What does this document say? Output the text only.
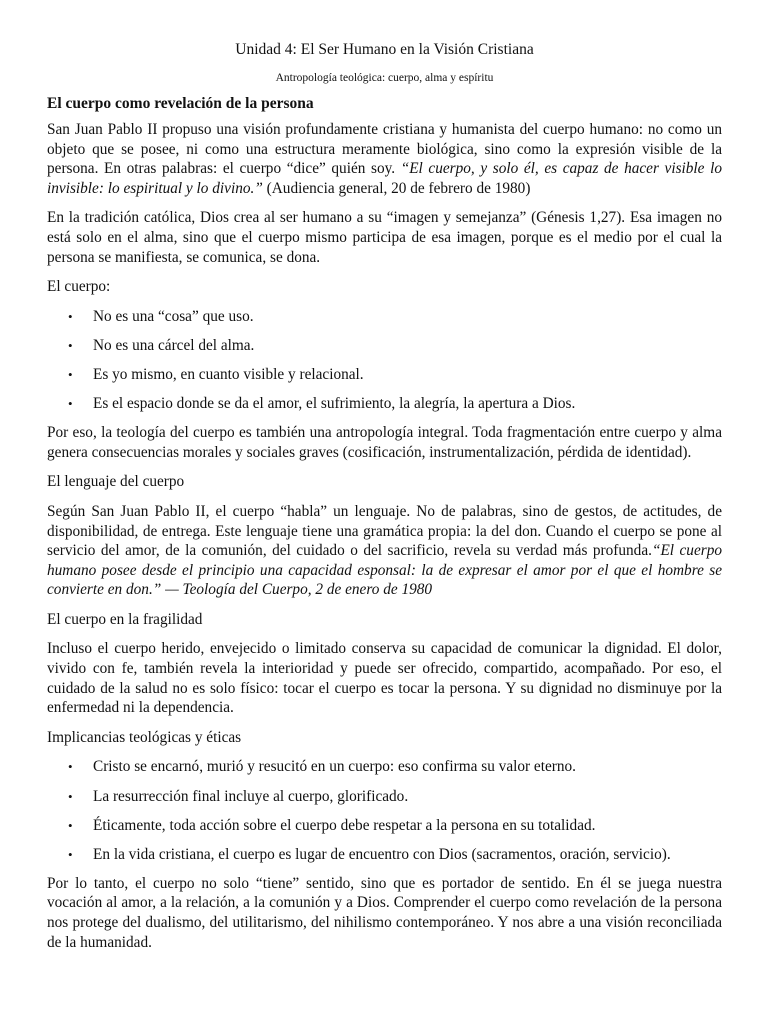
Unidad 4: El Ser Humano en la Visión Cristiana
Antropología teológica: cuerpo, alma y espíritu
El cuerpo como revelación de la persona

San Juan Pablo II propuso una visión profundamente cristiana y humanista del cuerpo humano: no como un objeto que se posee, ni como una estructura meramente biológica, sino como la expresión visible de la persona. En otras palabras: el cuerpo “dice” quién soy. “El cuerpo, y solo él, es capaz de hacer visible lo invisible: lo espiritual y lo divino.” (Audiencia general, 20 de febrero de 1980)

En la tradición católica, Dios crea al ser humano a su “imagen y semejanza” (Génesis 1,27). Esa imagen no está solo en el alma, sino que el cuerpo mismo participa de esa imagen, porque es el medio por el cual la persona se manifiesta, se comunica, se dona.

El cuerpo:
• No es una “cosa” que uso.
• No es una cárcel del alma.
• Es yo mismo, en cuanto visible y relacional.
• Es el espacio donde se da el amor, el sufrimiento, la alegría, la apertura a Dios.

Por eso, la teología del cuerpo es también una antropología integral. Toda fragmentación entre cuerpo y alma genera consecuencias morales y sociales graves (cosificación, instrumentalización, pérdida de identidad).

El lenguaje del cuerpo

Según San Juan Pablo II, el cuerpo “habla” un lenguaje. No de palabras, sino de gestos, de actitudes, de disponibilidad, de entrega. Este lenguaje tiene una gramática propia: la del don. Cuando el cuerpo se pone al servicio del amor, de la comunión, del cuidado o del sacrificio, revela su verdad más profunda.“El cuerpo humano posee desde el principio una capacidad esponsal: la de expresar el amor por el que el hombre se convierte en don.” — Teología del Cuerpo, 2 de enero de 1980

El cuerpo en la fragilidad

Incluso el cuerpo herido, envejecido o limitado conserva su capacidad de comunicar la dignidad. El dolor, vivido con fe, también revela la interioridad y puede ser ofrecido, compartido, acompañado. Por eso, el cuidado de la salud no es solo físico: tocar el cuerpo es tocar la persona. Y su dignidad no disminuye por la enfermedad ni la dependencia.

Implicancias teológicas y éticas
• Cristo se encarnó, murió y resucitó en un cuerpo: eso confirma su valor eterno.
• La resurrección final incluye al cuerpo, glorificado.
• Éticamente, toda acción sobre el cuerpo debe respetar a la persona en su totalidad.
• En la vida cristiana, el cuerpo es lugar de encuentro con Dios (sacramentos, oración, servicio).

Por lo tanto, el cuerpo no solo “tiene” sentido, sino que es portador de sentido. En él se juega nuestra vocación al amor, a la relación, a la comunión y a Dios. Comprender el cuerpo como revelación de la persona nos protege del dualismo, del utilitarismo, del nihilismo contemporáneo. Y nos abre a una visión reconciliada de la humanidad.
